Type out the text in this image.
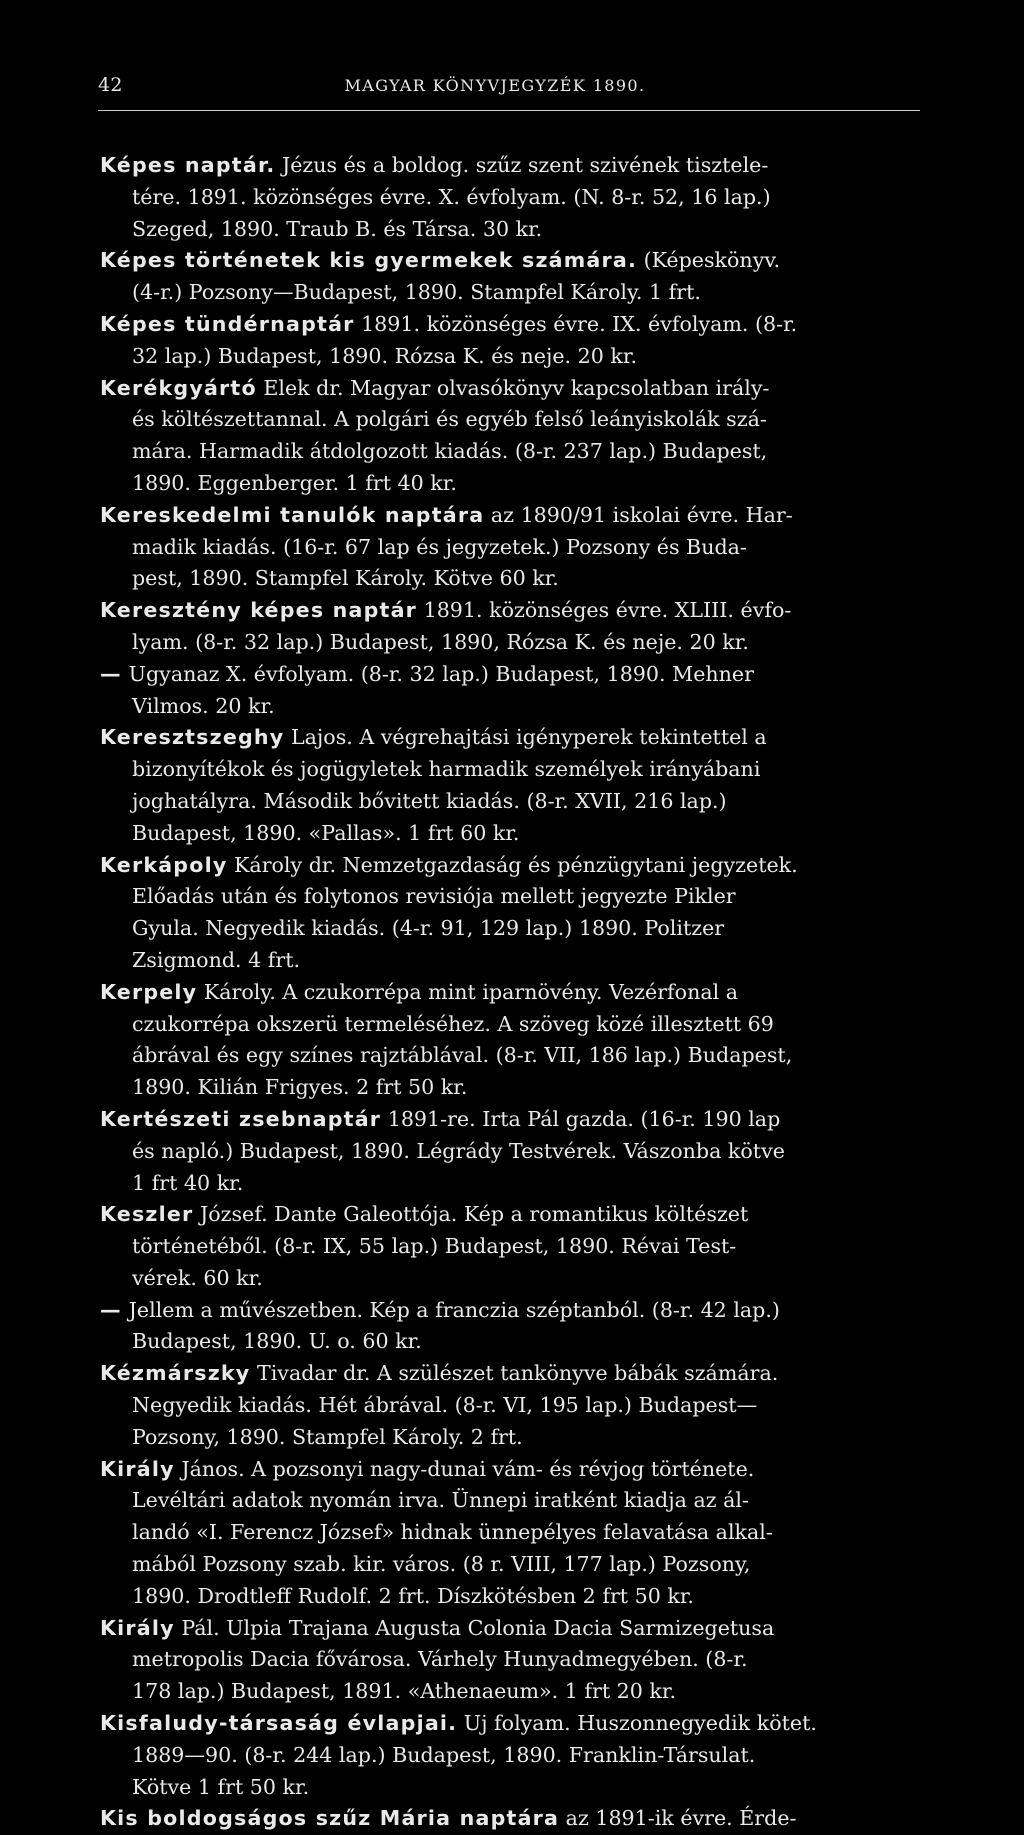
42	MAGYAR KÖNYVJEGYZÉK 1890.

Képes naptár. Jézus és a boldog. szűz szent szivének tisztele-
tére. 1891. közönséges évre. X. évfolyam. (N. 8-r. 52, 16 lap.)
Szeged, 1890. Traub B. és Társa. 30 kr.

Képes történetek kis gyermekek számára. (Képeskönyv.
(4-r.) Pozsony—Budapest, 1890. Stampfel Károly. 1 frt.

Képes tündérnaptár 1891. közönséges évre. IX. évfolyam. (8-r.
32 lap.) Budapest, 1890. Rózsa K. és neje. 20 kr.

Kerékgyártó Elek dr. Magyar olvasókönyv kapcsolatban irály-
és költészettannal. A polgári és egyéb felső leányiskolák szá-
mára. Harmadik átdolgozott kiadás. (8-r. 237 lap.) Budapest,
1890. Eggenberger. 1 frt 40 kr.

Kereskedelmi tanulók naptára az 1890/91 iskolai évre. Har-
madik kiadás. (16-r. 67 lap és jegyzetek.) Pozsony és Buda-
pest, 1890. Stampfel Károly. Kötve 60 kr.

Keresztény képes naptár 1891. közönséges évre. XLIII. évfo-
lyam. (8-r. 32 lap.) Budapest, 1890, Rózsa K. és neje. 20 kr.

— Ugyanaz X. évfolyam. (8-r. 32 lap.) Budapest, 1890. Mehner
Vilmos. 20 kr.

Keresztszeghy Lajos. A végrehajtási igényperek tekintettel a
bizonyítékok és jogügyletek harmadik személyek irányábani
joghatályra. Második bővitett kiadás. (8-r. XVII, 216 lap.)
Budapest, 1890. «Pallas». 1 frt 60 kr.

Kerkápoly Károly dr. Nemzetgazdaság és pénzügytani jegyzetek.
Előadás után és folytonos revisiója mellett jegyezte Pikler
Gyula. Negyedik kiadás. (4-r. 91, 129 lap.) 1890. Politzer
Zsigmond. 4 frt.

Kerpely Károly. A czukorrépa mint iparnövény. Vezérfonal a
czukorrépa okszerü termeléséhez. A szöveg közé illesztett 69
ábrával és egy színes rajztáblával. (8-r. VII, 186 lap.) Budapest,
1890. Kilián Frigyes. 2 frt 50 kr.

Kertészeti zsebnaptár 1891-re. Irta Pál gazda. (16-r. 190 lap
és napló.) Budapest, 1890. Légrády Testvérek. Vászonba kötve
1 frt 40 kr.

Keszler József. Dante Galeottója. Kép a romantikus költészet
történetéből. (8-r. IX, 55 lap.) Budapest, 1890. Révai Test-
vérek. 60 kr.

— Jellem a művészetben. Kép a franczia széptanból. (8-r. 42 lap.)
Budapest, 1890. U. o. 60 kr.

Kézmárszky Tivadar dr. A szülészet tankönyve bábák számára.
Negyedik kiadás. Hét ábrával. (8-r. VI, 195 lap.) Budapest—
Pozsony, 1890. Stampfel Károly. 2 frt.

Király János. A pozsonyi nagy-dunai vám- és révjog története.
Levéltári adatok nyomán irva. Ünnepi iratként kiadja az ál-
landó «I. Ferencz József» hidnak ünnepélyes felavatása alkal-
mából Pozsony szab. kir. város. (8 r. VIII, 177 lap.) Pozsony,
1890. Drodtleff Rudolf. 2 frt. Díszkötésben 2 frt 50 kr.

Király Pál. Ulpia Trajana Augusta Colonia Dacia Sarmizegetusa
metropolis Dacia fővárosa. Várhely Hunyadmegyében. (8-r.
178 lap.) Budapest, 1891. «Athenaeum». 1 frt 20 kr.

Kisfaludy-társaság évlapjai. Uj folyam. Huszonnegyedik kötet.
1889—90. (8-r. 244 lap.) Budapest, 1890. Franklin-Társulat.
Kötve 1 frt 50 kr.

Kis boldogságos szűz Mária naptára az 1891-ik évre. Érde-
